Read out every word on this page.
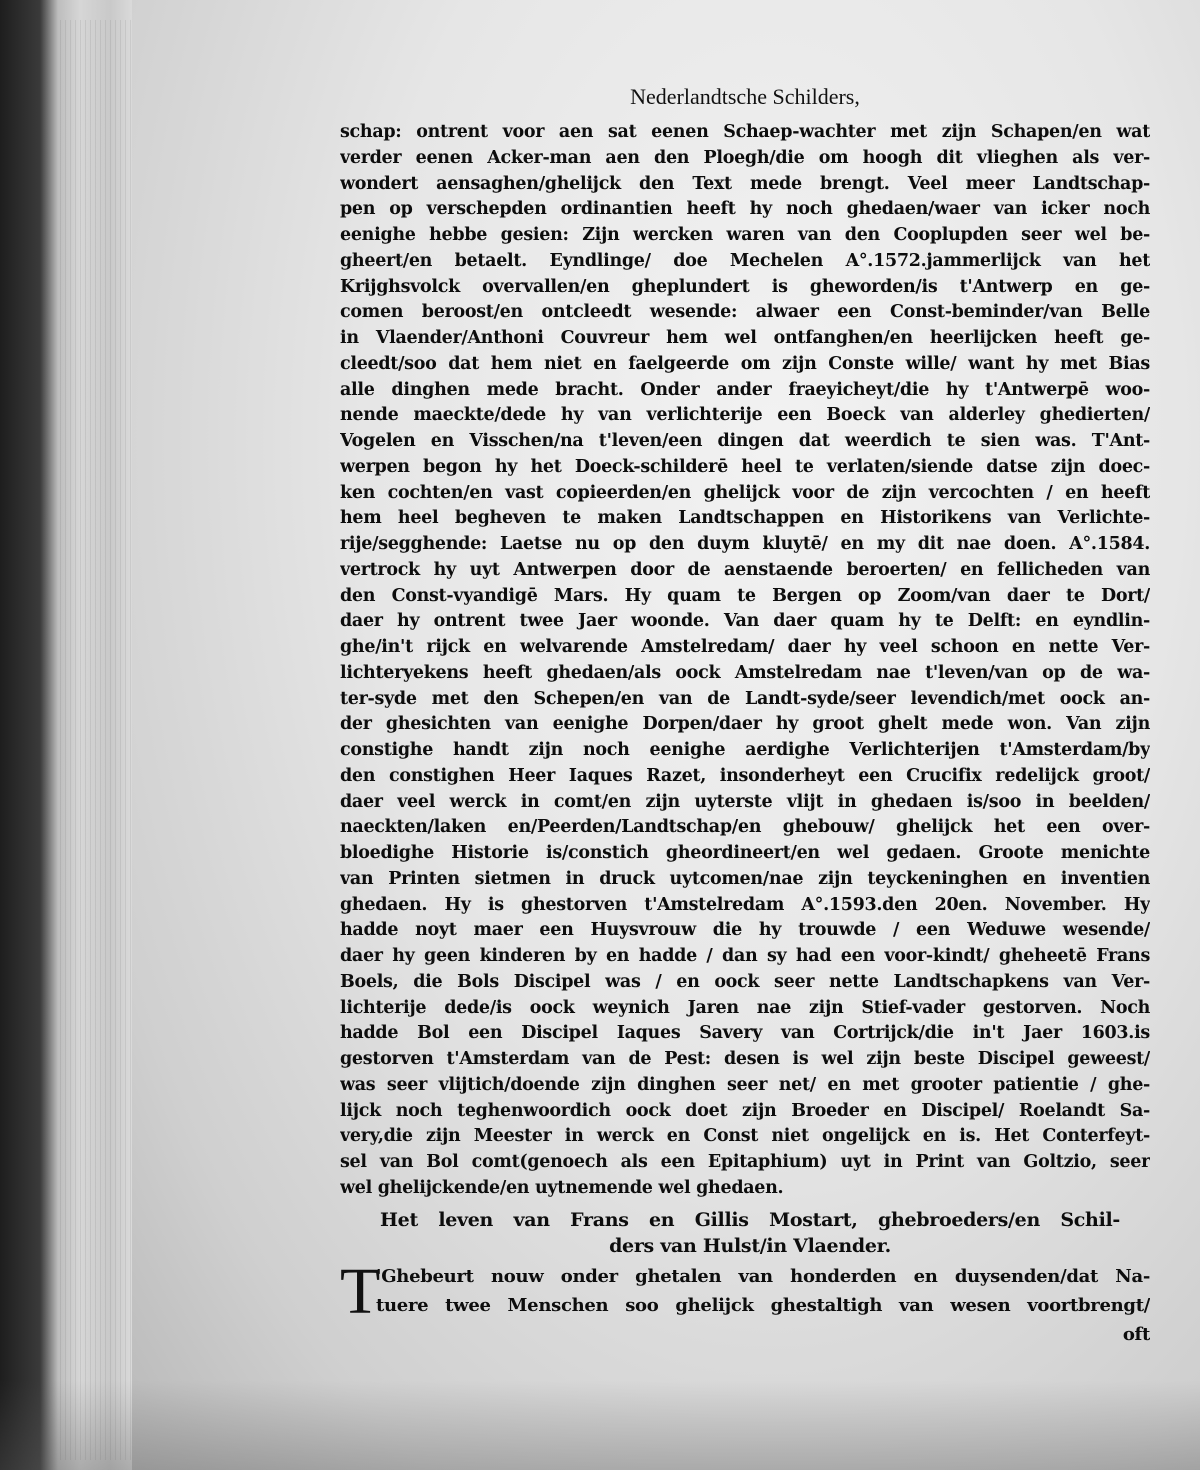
Nederlandtsche Schilders,
schap: ontrent voor aen sat eenen Schaep-wachter met zijn Schapen/en wat
verder eenen Acker-man aen den Ploegh/die om hoogh dit vlieghen als ver-
wondert aensaghen/ghelijck den Text mede brengt. Veel meer Landtschap-
pen op verschepden ordinantien heeft hy noch ghedaen/waer van icker noch
eenighe hebbe gesien: Zijn wercken waren van den Cooplupden seer wel be-
gheert/en betaelt. Eyndlinge/ doe Mechelen A°.1572.jammerlijck van het
Krijghsvolck overvallen/en gheplundert is gheworden/is t'Antwerp en ge-
comen beroost/en ontcleedt wesende: alwaer een Const-beminder/van Belle
in Vlaender/Anthoni Couvreur hem wel ontfanghen/en heerlijcken heeft ge-
cleedt/soo dat hem niet en faelgeerde om zijn Conste wille/ want hy met Bias
alle dinghen mede bracht. Onder ander fraeyicheyt/die hy t'Antwerpē woo-
nende maeckte/dede hy van verlichterije een Boeck van alderley ghedierten/
Vogelen en Visschen/na t'leven/een dingen dat weerdich te sien was. T'Ant-
werpen begon hy het Doeck-schilderē heel te verlaten/siende datse zijn doec-
ken cochten/en vast copieerden/en ghelijck voor de zijn vercochten / en heeft
hem heel begheven te maken Landtschappen en Historikens van Verlichte-
rije/segghende: Laetse nu op den duym kluytē/ en my dit nae doen. A°.1584.
vertrock hy uyt Antwerpen door de aenstaende beroerten/ en fellicheden van
den Const-vyandigē Mars. Hy quam te Bergen op Zoom/van daer te Dort/
daer hy ontrent twee Jaer woonde. Van daer quam hy te Delft: en eyndlin-
ghe/in't rijck en welvarende Amstelredam/ daer hy veel schoon en nette Ver-
lichteryekens heeft ghedaen/als oock Amstelredam nae t'leven/van op de wa-
ter-syde met den Schepen/en van de Landt-syde/seer levendich/met oock an-
der ghesichten van eenighe Dorpen/daer hy groot ghelt mede won. Van zijn
constighe handt zijn noch eenighe aerdighe Verlichterijen t'Amsterdam/by
den constighen Heer Iaques Razet, insonderheyt een Crucifix redelijck groot/
daer veel werck in comt/en zijn uyterste vlijt in ghedaen is/soo in beelden/
naeckten/laken en/Peerden/Landtschap/en ghebouw/ ghelijck het een over-
bloedighe Historie is/constich gheordineert/en wel gedaen. Groote menichte
van Printen sietmen in druck uytcomen/nae zijn teyckeninghen en inventien
ghedaen. Hy is ghestorven t'Amstelredam A°.1593.den 20en. November. Hy
hadde noyt maer een Huysvrouw die hy trouwde / een Weduwe wesende/
daer hy geen kinderen by en hadde / dan sy had een voor-kindt/ gheheetē Frans
Boels, die Bols Discipel was / en oock seer nette Landtschapkens van Ver-
lichterije dede/is oock weynich Jaren nae zijn Stief-vader gestorven. Noch
hadde Bol een Discipel Iaques Savery van Cortrijck/die in't Jaer 1603.is
gestorven t'Amsterdam van de Pest: desen is wel zijn beste Discipel geweest/
was seer vlijtich/doende zijn dinghen seer net/ en met grooter patientie / ghe-
lijck noch teghenwoordich oock doet zijn Broeder en Discipel/ Roelandt Sa-
very,die zijn Meester in werck en Const niet ongelijck en is. Het Conterfeyt-
sel van Bol comt(genoech als een Epitaphium) uyt in Print van Goltzio, seer
wel ghelijckende/en uytnemende wel ghedaen.
Het leven van Frans en Gillis Mostart, ghebroeders/en Schil-
ders van Hulst/in Vlaender.
T
'Ghebeurt nouw onder ghetalen van honderden en duysenden/dat Na-
tuere twee Menschen soo ghelijck ghestaltigh van wesen voortbrengt/
oft
